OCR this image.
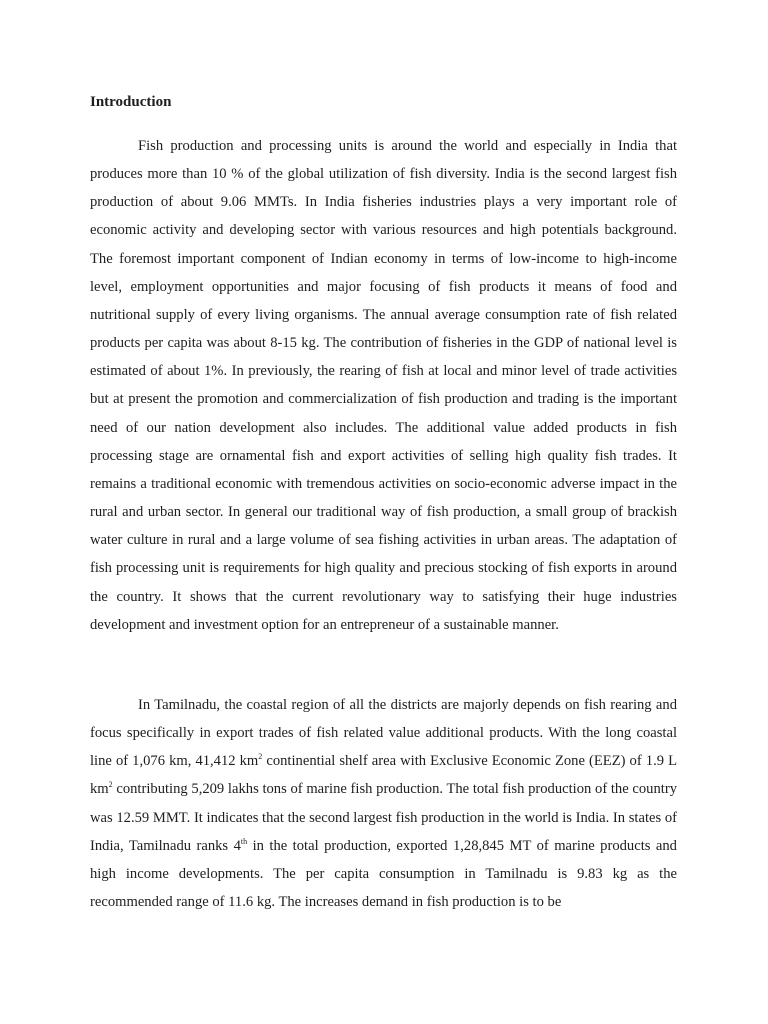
Introduction

Fish production and processing units is around the world and especially in India that produces more than 10 % of the global utilization of fish diversity. India is the second largest fish production of about 9.06 MMTs. In India fisheries industries plays a very important role of economic activity and developing sector with various resources and high potentials background. The foremost important component of Indian economy in terms of low-income to high-income level, employment opportunities and major focusing of fish products it means of food and nutritional supply of every living organisms. The annual average consumption rate of fish related products per capita was about 8-15 kg. The contribution of fisheries in the GDP of national level is estimated of about 1%. In previously, the rearing of fish at local and minor level of trade activities but at present the promotion and commercialization of fish production and trading is the important need of our nation development also includes. The additional value added products in fish processing stage are ornamental fish and export activities of selling high quality fish trades. It remains a traditional economic with tremendous activities on socio-economic adverse impact in the rural and urban sector. In general our traditional way of fish production, a small group of brackish water culture in rural and a large volume of sea fishing activities in urban areas. The adaptation of fish processing unit is requirements for high quality and precious stocking of fish exports in around the country. It shows that the current revolutionary way to satisfying their huge industries development and investment option for an entrepreneur of a sustainable manner.

In Tamilnadu, the coastal region of all the districts are majorly depends on fish rearing and focus specifically in export trades of fish related value additional products. With the long coastal line of 1,076 km, 41,412 $km^2$ continential shelf area with Exclusive Economic Zone (EEZ) of 1.9 L $km^2$ contributing 5,209 lakhs tons of marine fish production. The total fish production of the country was 12.59 MMT. It indicates that the second largest fish production in the world is India. In states of India, Tamilnadu ranks 4th in the total production, exported 1,28,845 MT of marine products and high income developments. The per capita consumption in Tamilnadu is 9.83 kg as the recommended range of 11.6 kg. The increases demand in fish production is to be
